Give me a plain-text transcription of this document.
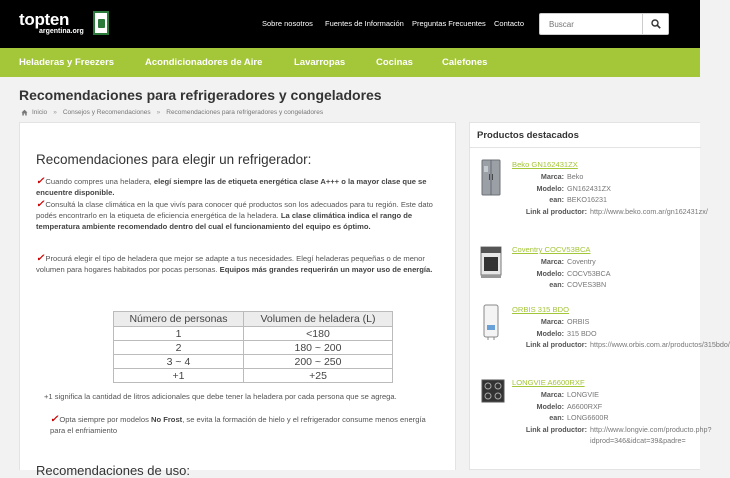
topten
argentina.org
Sobre nosotros Fuentes de Información Preguntas Frecuentes Contacto
Buscar
Heladeras y Freezers	Acondicionadores de Aire	Lavarropas	Cocinas	Calefones
Recomendaciones para refrigeradores y congeladores
Inicio » Consejos y Recomendaciones » Recomendaciones para refrigeradores y congeladores
Recomendaciones para elegir un refrigerador:
✓Cuando compres una heladera, elegí siempre las de etiqueta energética clase A+++ o la mayor clase que se encuentre disponible.
✓Consultá la clase climática en la que vivís para conocer qué productos son los adecuados para tu región. Este dato podés encontrarlo en la etiqueta de eficiencia energética de la heladera. La clase climática indica el rango de temperatura ambiente recomendado dentro del cual el funcionamiento del equipo es óptimo.
✓Procurá elegir el tipo de heladera que mejor se adapte a tus necesidades. Elegí heladeras pequeñas o de menor volumen para hogares habitados por pocas personas. Equipos más grandes requerirán un mayor uso de energía.
Número de personas	Volumen de heladera (L)
1	<180
2	180 ~ 200
3 ~ 4	200 ~ 250
+1	+25
+1 significa la cantidad de litros adicionales que debe tener la heladera por cada persona que se agrega.
✓Opta siempre por modelos No Frost, se evita la formación de hielo y el refrigerador consume menos energía para el enfriamiento
Recomendaciones de uso:
Productos destacados
Beko GN162431ZX
Marca: Beko
Modelo: GN162431ZX
ean: BEKO16231
Link al productor: http://www.beko.com.ar/gn162431zx/
Coventry COCV53BCA
Marca: Coventry
Modelo: COCV53BCA
ean: COVES3BN
ORBIS 315 BDO
Marca: ORBIS
Modelo: 315 BDO
Link al productor: https://www.orbis.com.ar/productos/315bdo/
LONGVIE A6600RXF
Marca: LONGVIE
Modelo: A6600RXF
ean: LONG6600R
Link al productor: http://www.longvie.com/producto.php?idprod=346&idcat=39&padre=
